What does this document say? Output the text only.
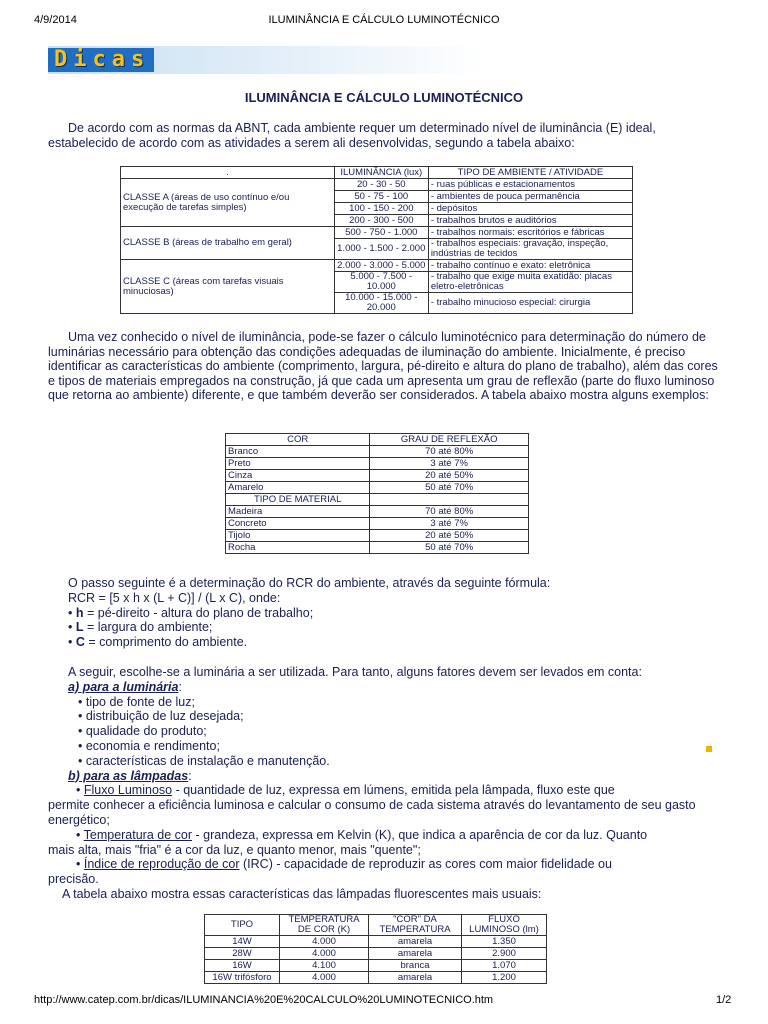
4/9/2014	ILUMINÂNCIA E CÁLCULO LUMINOTÉCNICO
Dicas
ILUMINÂNCIA E CÁLCULO LUMINOTÉCNICO

De acordo com as normas da ABNT, cada ambiente requer um determinado nível de iluminância (E) ideal, estabelecido de acordo com as atividades a serem ali desenvolvidas, segundo a tabela abaixo:

.	ILUMINÂNCIA (lux)	TIPO DE AMBIENTE / ATIVIDADE
CLASSE A (áreas de uso contínuo e/ou execução de tarefas simples)	20 - 30 - 50	- ruas públicas e estacionamentos
	50 - 75 - 100	- ambientes de pouca permanência
	100 - 150 - 200	- depósitos
	200 - 300 - 500	- trabalhos brutos e auditórios
CLASSE B (áreas de trabalho em geral)	500 - 750 - 1.000	- trabalhos normais: escritórios e fábricas
	1.000 - 1.500 - 2.000	- trabalhos especiais: gravação, inspeção, indústrias de tecidos
CLASSE C (áreas com tarefas visuais minuciosas)	2.000 - 3.000 - 5.000	- trabalho contínuo e exato: eletrônica
	5.000 - 7.500 - 10.000	- trabalho que exige muita exatidão: placas eletro-eletrônicas
	10.000 - 15.000 - 20.000	- trabalho minucioso especial: cirurgia

Uma vez conhecido o nível de iluminância, pode-se fazer o cálculo luminotécnico para determinação do número de luminárias necessário para obtenção das condições adequadas de iluminação do ambiente. Inicialmente, é preciso identificar as características do ambiente (comprimento, largura, pé-direito e altura do plano de trabalho), além das cores e tipos de materiais empregados na construção, já que cada um apresenta um grau de reflexão (parte do fluxo luminoso que retorna ao ambiente) diferente, e que também deverão ser considerados. A tabela abaixo mostra alguns exemplos:

COR	GRAU DE REFLEXÃO
Branco	70 até 80%
Preto	3 até 7%
Cinza	20 até 50%
Amarelo	50 até 70%
TIPO DE MATERIAL	
Madeira	70 até 80%
Concreto	3 até 7%
Tijolo	20 até 50%
Rocha	50 até 70%
O passo seguinte é a determinação do RCR do ambiente, através da seguinte fórmula:
RCR = [5 x h x (L + C)] / (L x C), onde:
• h = pé-direito - altura do plano de trabalho;
• L = largura do ambiente;
• C = comprimento do ambiente.
A seguir, escolhe-se a luminária a ser utilizada. Para tanto, alguns fatores devem ser levados em conta:
a) para a luminária:
• tipo de fonte de luz;
• distribuição de luz desejada;
• qualidade do produto;
• economia e rendimento;
• características de instalação e manutenção.
b) para as lâmpadas:
• Fluxo Luminoso - quantidade de luz, expressa em lúmens, emitida pela lâmpada, fluxo este que
permite conhecer a eficiência luminosa e calcular o consumo de cada sistema através do levantamento de seu gasto energético;
• Temperatura de cor - grandeza, expressa em Kelvin (K), que indica a aparência de cor da luz. Quanto
mais alta, mais "fria" é a cor da luz, e quanto menor, mais "quente";
• Índice de reprodução de cor (IRC) - capacidade de reproduzir as cores com maior fidelidade ou
precisão.
A tabela abaixo mostra essas características das lâmpadas fluorescentes mais usuais:
TIPO	TEMPERATURA DE COR (K)	"COR" DA TEMPERATURA	FLUXO LUMINOSO (lm)
14W	4.000	amarela	1.350
28W	4.000	amarela	2.900
16W	4.100	branca	1.070
16W trifósforo	4.000	amarela	1.200
http://www.catep.com.br/dicas/ILUMINANCIA%20E%20CALCULO%20LUMINOTECNICO.htm	1/2
